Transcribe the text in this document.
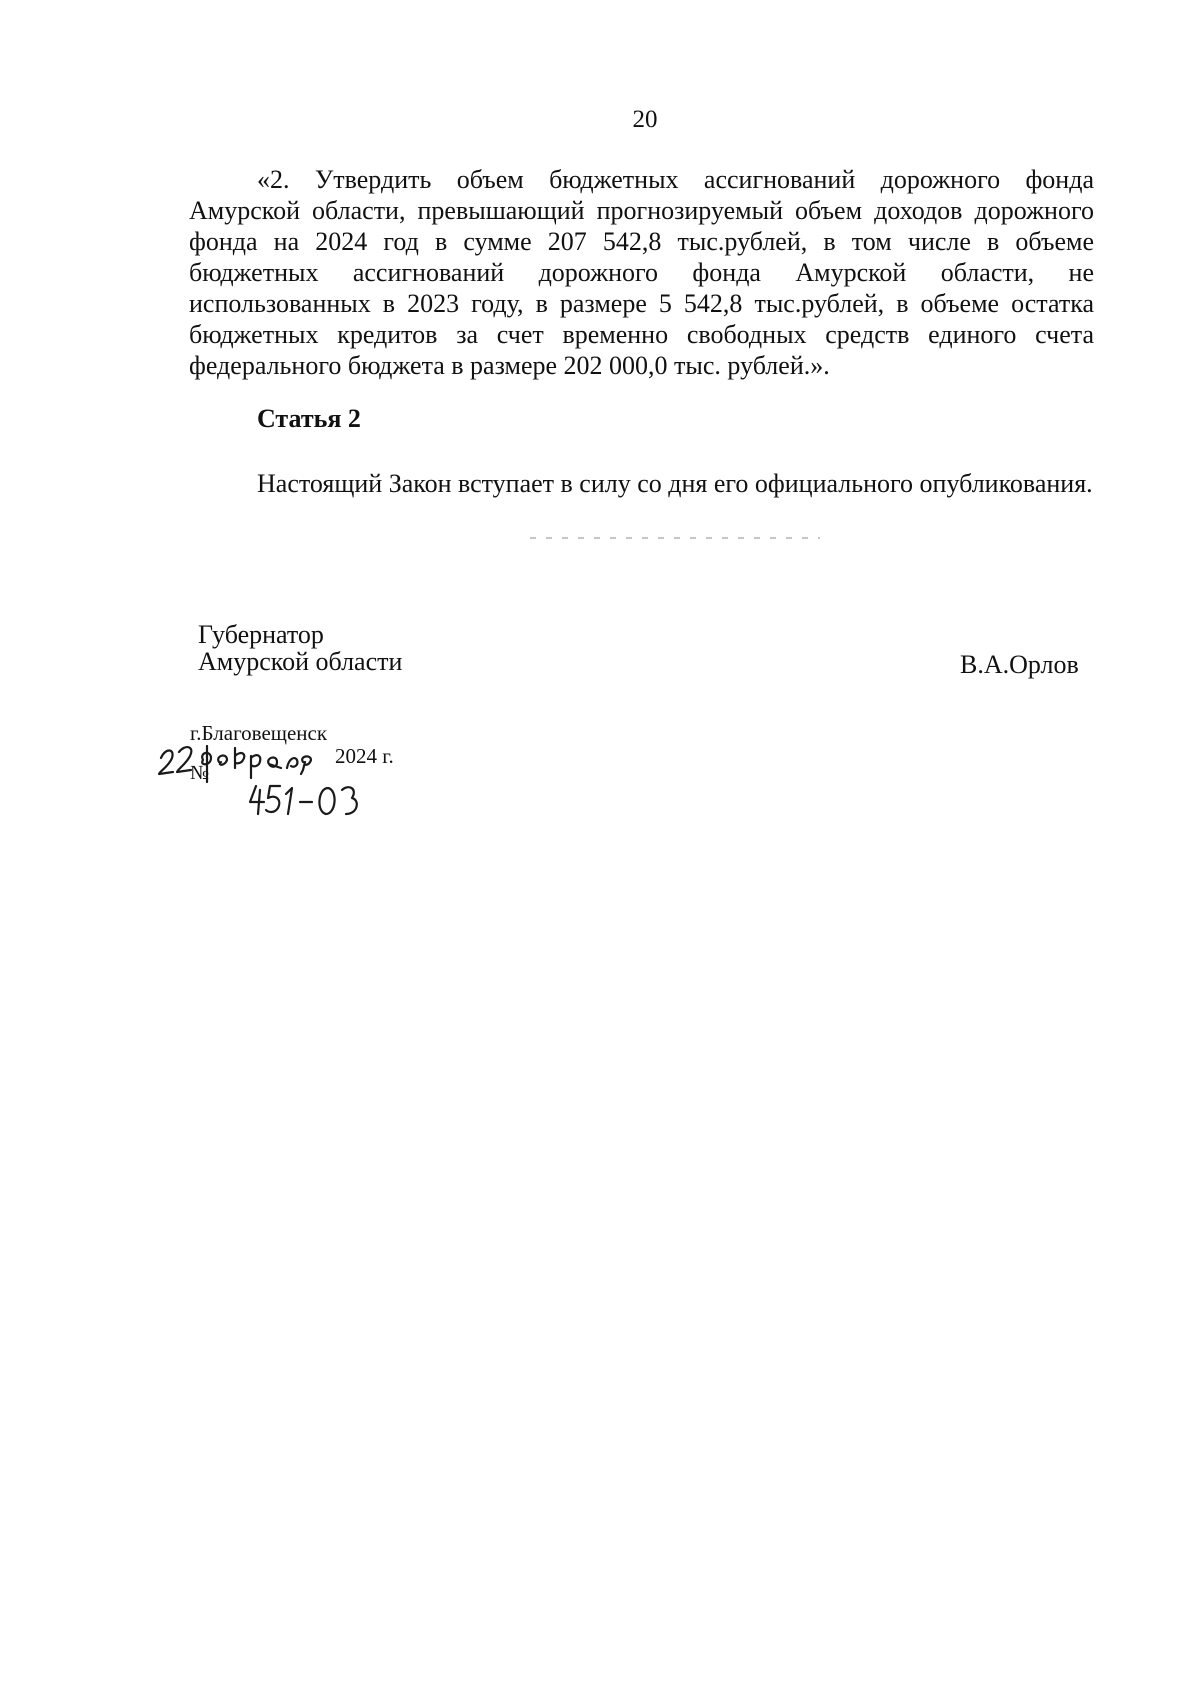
20

«2. Утвердить объем бюджетных ассигнований дорожного фонда Амурской области, превышающий прогнозируемый объем доходов дорожного фонда на 2024 год в сумме 207 542,8 тыс.рублей, в том числе в объеме бюджетных ассигнований дорожного фонда Амурской области, не использованных в 2023 году, в размере 5 542,8 тыс.рублей, в объеме остатка бюджетных кредитов за счет временно свободных средств единого счета федерального бюджета в размере 202 000,0 тыс. рублей.».

Статья 2

Настоящий Закон вступает в силу со дня его официального опубликования.

Губернатор
Амурской области	В.А.Орлов
г.Благовещенск
2024 г.
№
